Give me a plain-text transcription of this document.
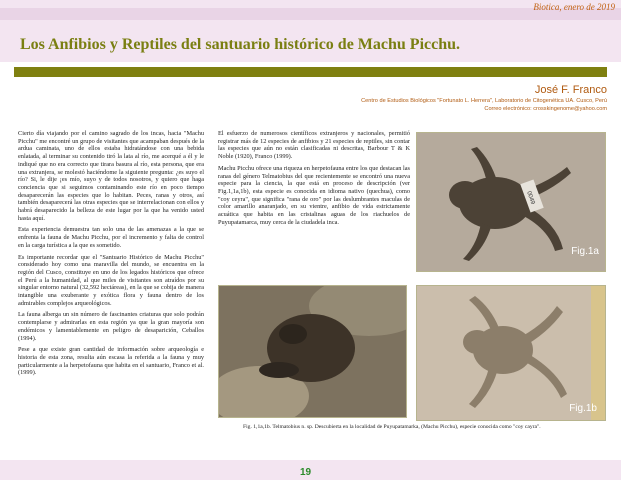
Biotica, enero de 2019
Los Anfibios y Reptiles del santuario histórico de Machu Picchu.
José F. Franco
Centro de Estudios Biológicos "Fortunato L. Herrera", Laboratorio de Citogenética UA. Cusco, Perú
Correo electrónico: crosskingenome@yahoo.com

Cierto día viajando por el camino sagrado de los incas, hacia "Machu Picchu" me encontré un grupo de visitantes que acampaban después de la ardua caminata, uno de ellos estaba hidratándose con una bebida enlatada, al terminar su contenido tiró la lata al río, me acerqué a él y le indiqué que no era correcto que tirara basura al río, esta persona, que era una extranjera, se molestó haciéndome la siguiente pregunta: ¿es suyo el río? Si, le dije ¡es mío, suyo y de todos nosotros, y quiero que haga conciencia que si seguimos contaminando este río en poco tiempo desaparecerán las especies que lo habitan. Peces, ranas y otros, así también desaparecerá las otras especies que se interrelacionan con ellos y habrá desaparecido la belleza de este lugar por la que ha venido usted hasta aquí.

Esta experiencia demuestra tan solo una de las amenazas a la que se enfrenta la fauna de Machu Picchu, por el incremento y falta de control en la carga turística a la que es sometido.

Es importante recordar que el "Santuario Histórico de Machu Picchu" considerado hoy como una maravilla del mundo, se encuentra en la región del Cusco, constituye en uno de los legados históricos que ofrece el Perú a la humanidad, al que miles de visitantes son atraídos por su singular entorno natural (32,592 hectáreas), en la que se cobija de manera intangible una exuberante y exótica flora y fauna dentro de los admirables complejos arqueológicos.

La fauna alberga un sin número de fascinantes criaturas que solo podrán contemplarse y admirarlas en esta región ya que la gran mayoría son endémicos y lamentablemente en peligro de desaparición, Ceballos (1994).

Pese a que existe gran cantidad de información sobre arqueología e historia de esta zona, resulta aún escasa la referida a la fauna y muy particularmente a la herpetofauna que habita en el santuario, Franco et al. (1999).

El esfuerzo de numerosos científicos extranjeros y nacionales, permitió registrar más de 12 especies de anfibios y 21 especies de reptiles, sin contar las especies que aún no están clasificadas ni descritas, Barbour T & K Noble (1920), Franco (1999).

Machu Picchu ofrece una riqueza en herpetofauna entre los que destacan las ranas del género Telmatobius del que recientemente se encontró una nueva especie para la ciencia, la que está en proceso de descripción (ver Fig.1,1a,1b), esta especie es conocida en idioma nativo (quechua), como "coy ceyra", que significa "rana de oro" por las deslumbrantes maculas de color amarillo anaranjado, en su vientre, anfibio de vida estrictamente acuática que habita en las cristalinas aguas de los riachuelos de Puyupatamarca, muy cerca de la ciudadela inca.

0049
Fig.1a
Fig.1b
Fig. 1,1a,1b. Telmatobius n. sp. Descubierta en la localidad de Puyupatamarka, (Machu Picchu), especie conocida como "coy cayra".
19
